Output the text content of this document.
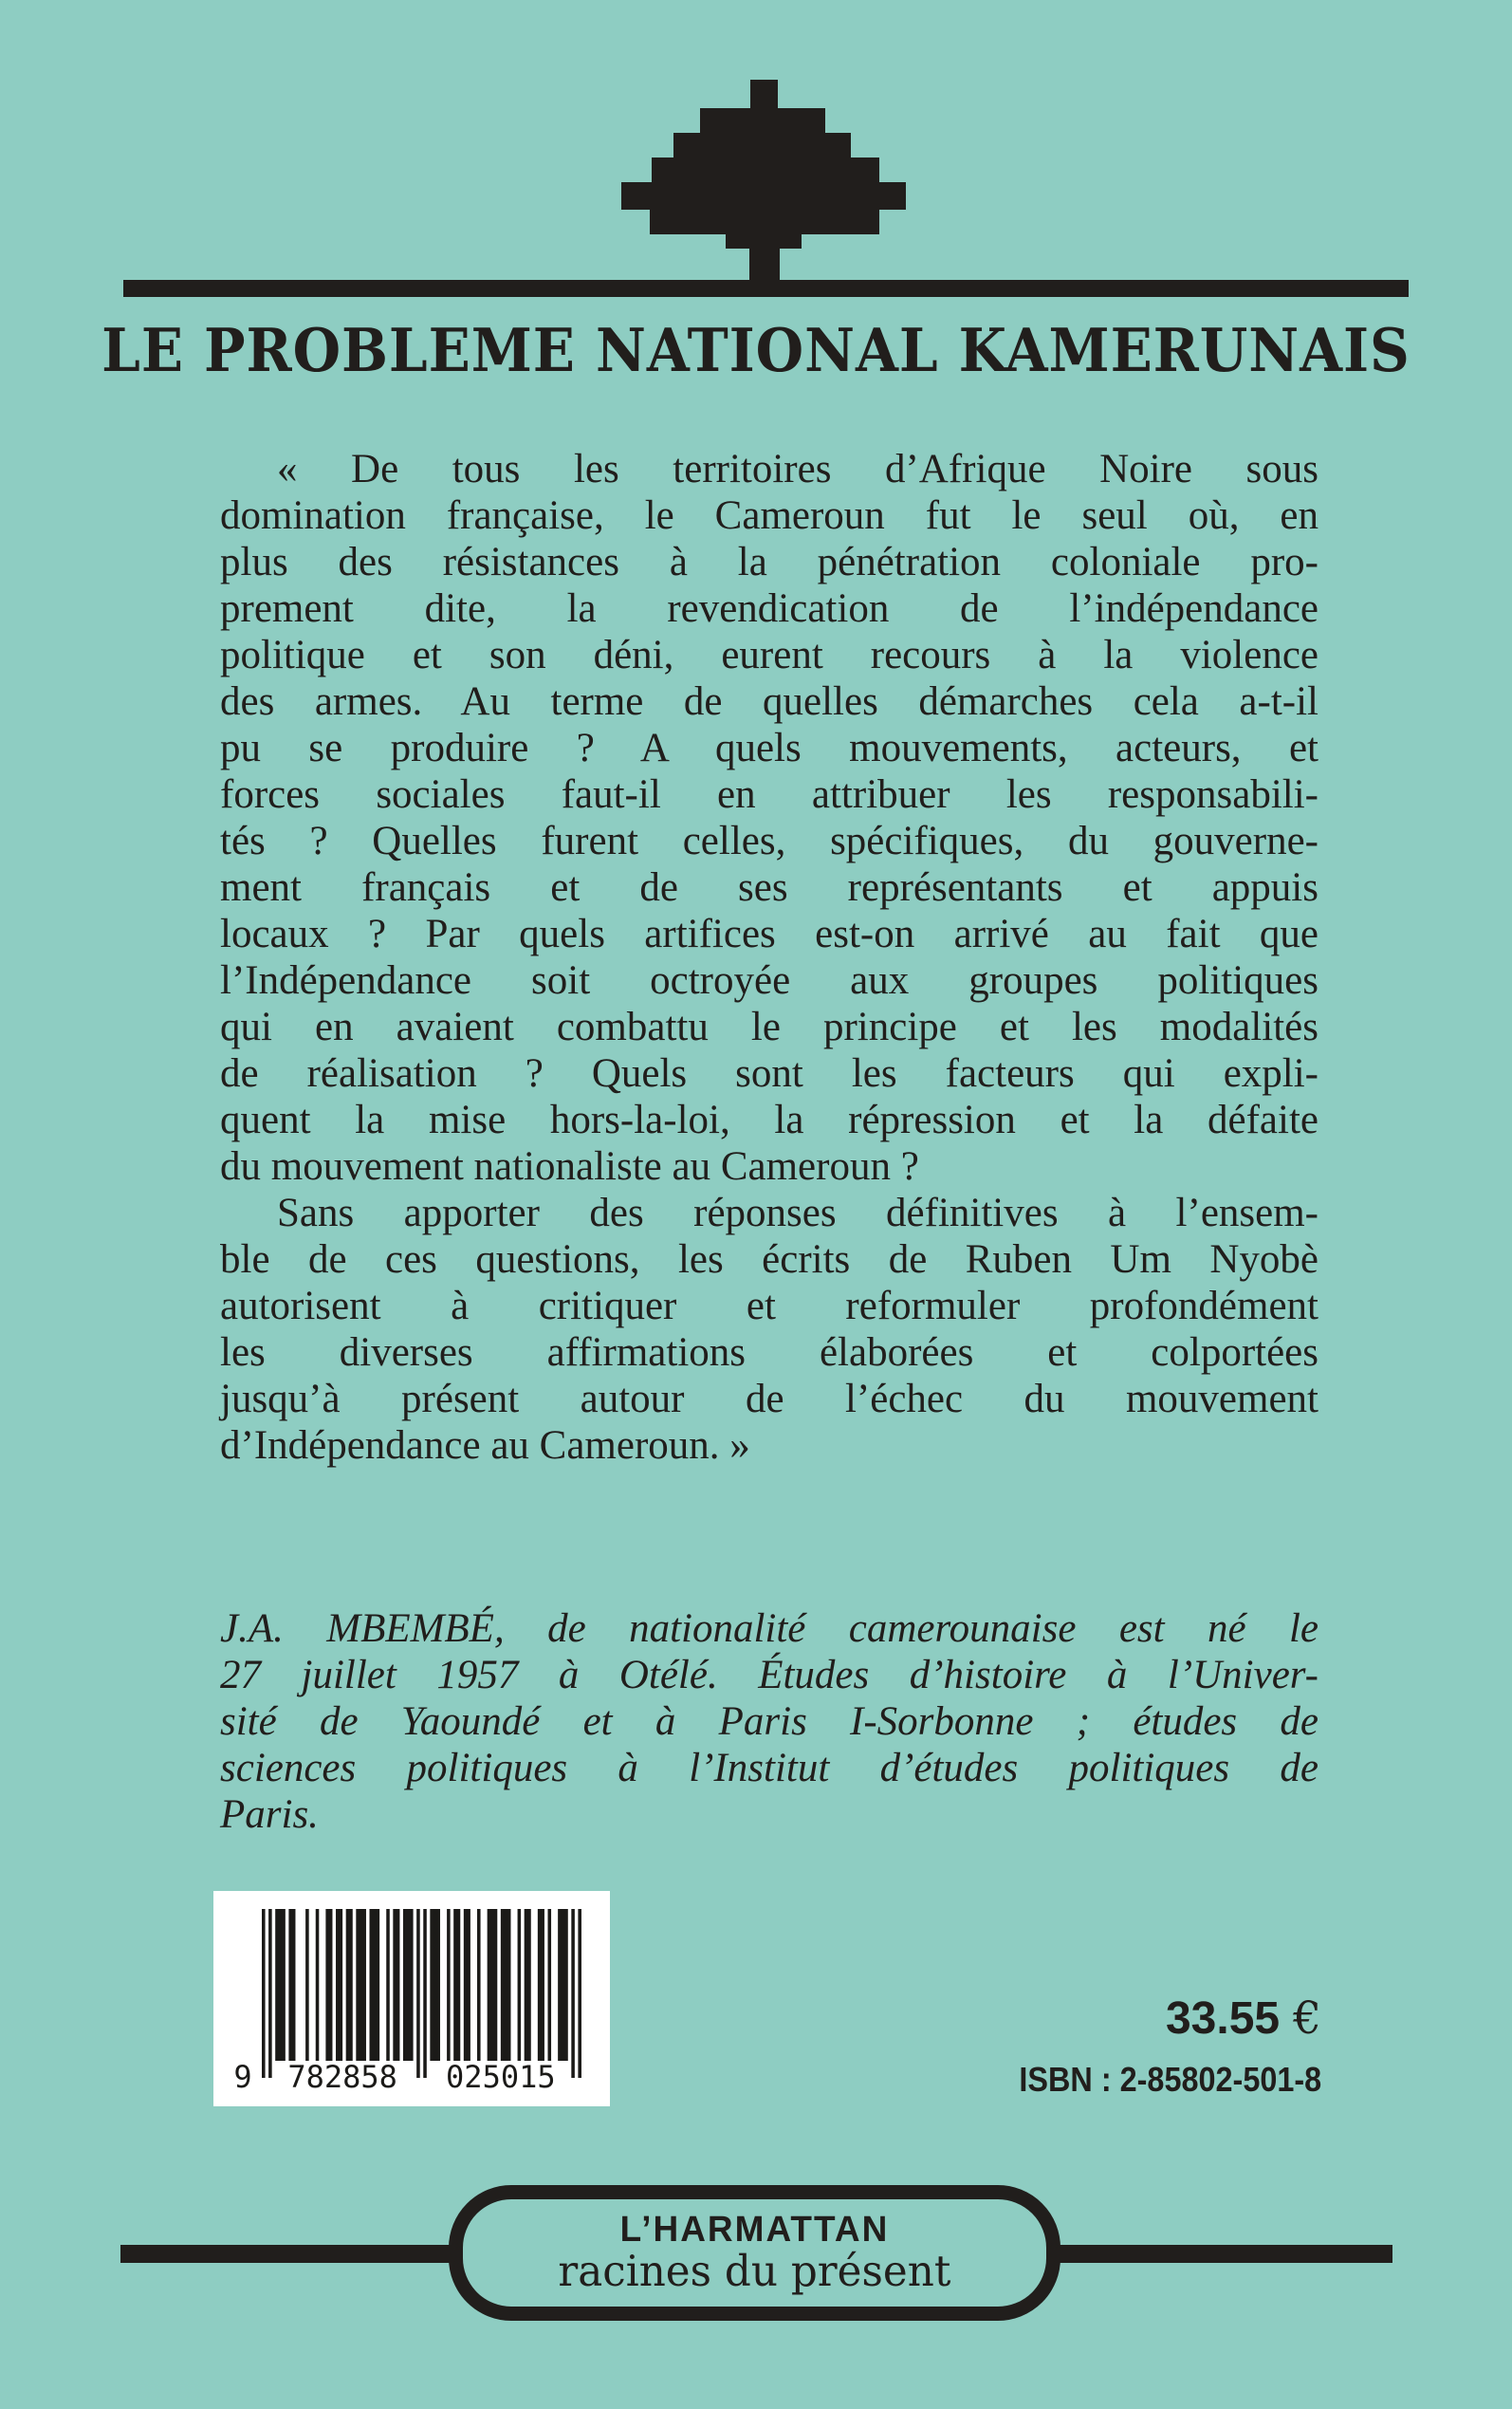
LE PROBLEME NATIONAL KAMERUNAIS
« De tous les territoires d’Afrique Noire sous
domination française, le Cameroun fut le seul où, en
plus des résistances à la pénétration coloniale pro-
prement dite, la revendication de l’indépendance
politique et son déni, eurent recours à la violence
des armes. Au terme de quelles démarches cela a-t-il
pu se produire ? A quels mouvements, acteurs, et
forces sociales faut-il en attribuer les responsabili-
tés ? Quelles furent celles, spécifiques, du gouverne-
ment français et de ses représentants et appuis
locaux ? Par quels artifices est-on arrivé au fait que
l’Indépendance soit octroyée aux groupes politiques
qui en avaient combattu le principe et les modalités
de réalisation ? Quels sont les facteurs qui expli-
quent la mise hors-la-loi, la répression et la défaite
du mouvement nationaliste au Cameroun ?
Sans apporter des réponses définitives à l’ensem-
ble de ces questions, les écrits de Ruben Um Nyobè
autorisent à critiquer et reformuler profondément
les diverses affirmations élaborées et colportées
jusqu’à présent autour de l’échec du mouvement
d’Indépendance au Cameroun. »
J.A. MBEMBÉ, de nationalité camerounaise est né le
27 juillet 1957 à Otélé. Études d’histoire à l’Univer-
sité de Yaoundé et à Paris I-Sorbonne ; études de
sciences politiques à l’Institut d’études politiques de
Paris.
9 782858 025015
33.55 €
ISBN : 2-85802-501-8
L’HARMATTAN
racines du présent
